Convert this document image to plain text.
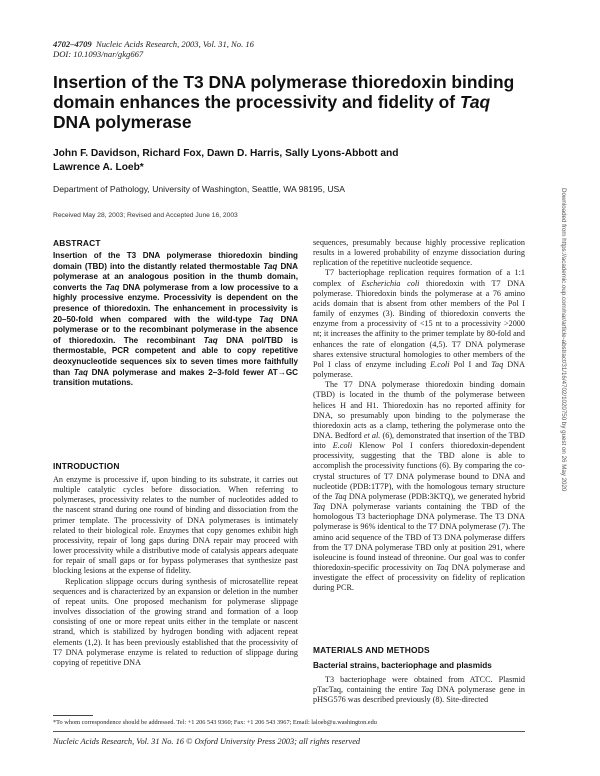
4702–4709 Nucleic Acids Research, 2003, Vol. 31, No. 16
DOI: 10.1093/nar/gkg667
Insertion of the T3 DNA polymerase thioredoxin binding domain enhances the processivity and fidelity of Taq DNA polymerase
John F. Davidson, Richard Fox, Dawn D. Harris, Sally Lyons-Abbott and
Lawrence A. Loeb*
Department of Pathology, University of Washington, Seattle, WA 98195, USA
Received May 28, 2003; Revised and Accepted June 16, 2003
ABSTRACT
Insertion of the T3 DNA polymerase thioredoxin binding domain (TBD) into the distantly related thermostable Taq DNA polymerase at an analogous position in the thumb domain, converts the Taq DNA polymerase from a low processive to a highly processive enzyme. Processivity is dependent on the presence of thioredoxin. The enhancement in processivity is 20–50-fold when compared with the wild-type Taq DNA polymerase or to the recombinant polymerase in the absence of thioredoxin. The recombinant Taq DNA pol/TBD is thermostable, PCR competent and able to copy repetitive deoxynucleotide sequences six to seven times more faithfully than Taq DNA polymerase and makes 2–3-fold fewer AT→GC transition mutations.
INTRODUCTION

An enzyme is processive if, upon binding to its substrate, it carries out multiple catalytic cycles before dissociation. When referring to polymerases, processivity relates to the number of nucleotides added to the nascent strand during one round of binding and dissociation from the primer template. The processivity of DNA polymerases is intimately related to their biological role. Enzymes that copy genomes exhibit high processivity, repair of long gaps during DNA repair may proceed with lower processivity while a distributive mode of catalysis appears adequate for repair of small gaps or for bypass polymerases that synthesize past blocking lesions at the expense of fidelity.

Replication slippage occurs during synthesis of microsatellite repeat sequences and is characterized by an expansion or deletion in the number of repeat units. One proposed mechanism for polymerase slippage involves dissociation of the growing strand and formation of a loop consisting of one or more repeat units either in the template or nascent strand, which is stabilized by hydrogen bonding with adjacent repeat elements (1,2). It has been previously established that the processivity of T7 DNA polymerase enzyme is related to reduction of slippage during copying of repetitive DNA

sequences, presumably because highly processive replication results in a lowered probability of enzyme dissociation during replication of the repetitive nucleotide sequence.

T7 bacteriophage replication requires formation of a 1:1 complex of Escherichia coli thioredoxin with T7 DNA polymerase. Thioredoxin binds the polymerase at a 76 amino acids domain that is absent from other members of the Pol I family of enzymes (3). Binding of thioredoxin converts the enzyme from a processivity of <15 nt to a processivity >2000 nt; it increases the affinity to the primer template by 80-fold and enhances the rate of elongation (4,5). T7 DNA polymerase shares extensive structural homologies to other members of the Pol I class of enzyme including E.coli Pol I and Taq DNA polymerase.

The T7 DNA polymerase thioredoxin binding domain (TBD) is located in the thumb of the polymerase between helices H and H1. Thioredoxin has no reported affinity for DNA, so presumably upon binding to the polymerase the thioredoxin acts as a clamp, tethering the polymerase onto the DNA. Bedford et al. (6), demonstrated that insertion of the TBD into E.coli Klenow Pol I confers thioredoxin-dependent processivity, suggesting that the TBD alone is able to accomplish the processivity functions (6). By comparing the co-crystal structures of T7 DNA polymerase bound to DNA and nucleotide (PDB:1T7P), with the homologous ternary structure of the Taq DNA polymerase (PDB:3KTQ), we generated hybrid Taq DNA polymerase variants containing the TBD of the homologous T3 bacteriophage DNA polymerase. The T3 DNA polymerase is 96% identical to the T7 DNA polymerase (7). The amino acid sequence of the TBD of T3 DNA polymerase differs from the T7 DNA polymerase TBD only at position 291, where isoleucine is found instead of threonine. Our goal was to confer thioredoxin-specific processivity on Taq DNA polymerase and investigate the effect of processivity on fidelity of replication during PCR.

MATERIALS AND METHODS
Bacterial strains, bacteriophage and plasmids

T3 bacteriophage were obtained from ATCC. Plasmid pTacTaq, containing the entire Taq DNA polymerase gene in pHSG576 was described previously (8). Site-directed

*To whom correspondence should be addressed. Tel: +1 206 543 9360; Fax: +1 206 543 3967; Email: laloeb@u.washington.edu
Nucleic Acids Research, Vol. 31 No. 16 © Oxford University Press 2003; all rights reserved
Downloaded from https://academic.oup.com/nar/article-abstract/31/16/4702/1020750 by guest on 26 May 2020
